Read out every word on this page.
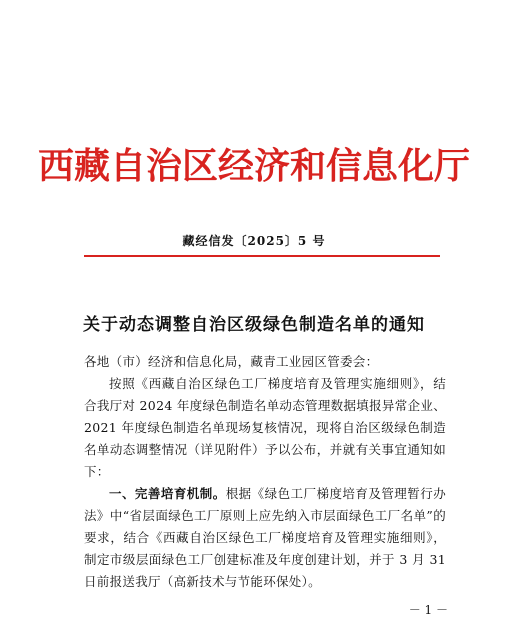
西藏自治区经济和信息化厅
藏经信发〔2025〕5 号
关于动态调整自治区级绿色制造名单的通知

各地（市）经济和信息化局，藏青工业园区管委会：

按照《西藏自治区绿色工厂梯度培育及管理实施细则》，结合我厅对 2024 年度绿色制造名单动态管理数据填报异常企业、2021 年度绿色制造名单现场复核情况，现将自治区级绿色制造名单动态调整情况（详见附件）予以公布，并就有关事宜通知如下：

一、完善培育机制。根据《绿色工厂梯度培育及管理暂行办法》中“省层面绿色工厂原则上应先纳入市层面绿色工厂名单”的要求，结合《西藏自治区绿色工厂梯度培育及管理实施细则》，制定市级层面绿色工厂创建标准及年度创建计划，并于 3 月 31 日前报送我厅（高新技术与节能环保处）。

－ 1 －
